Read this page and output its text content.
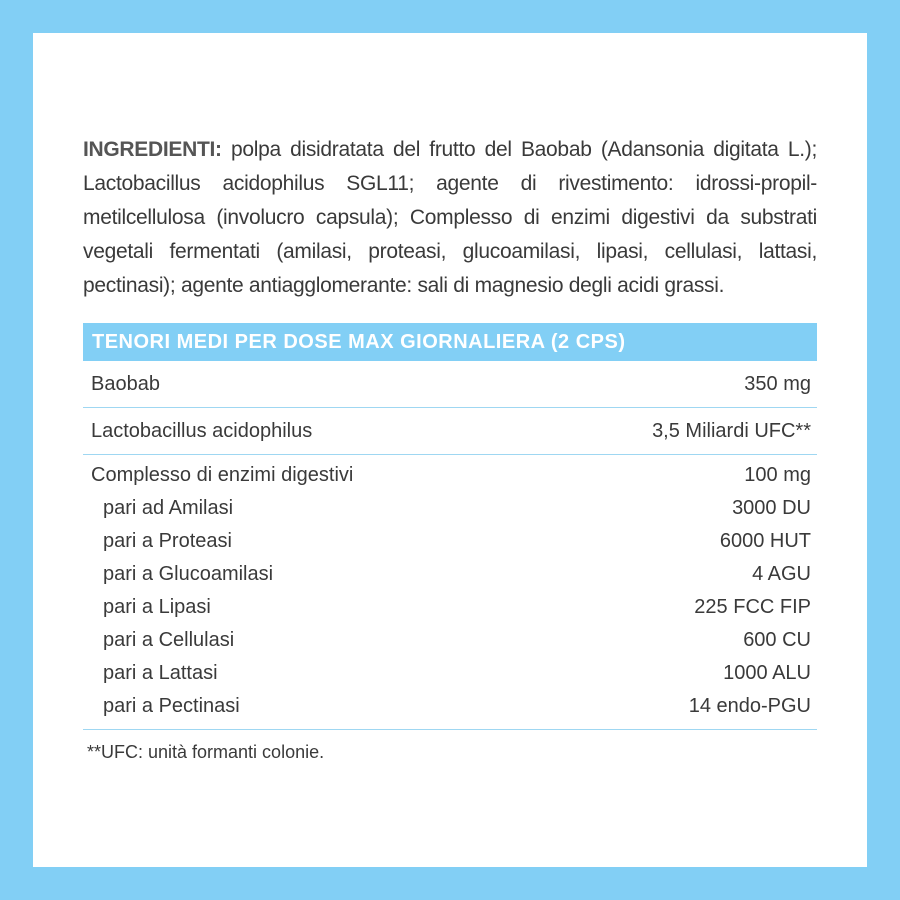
INGREDIENTI: polpa disidratata del frutto del Baobab (Adansonia digitata L.); Lactobacillus acidophilus SGL11; agente di rivestimento: idrossi-propil-metilcellulosa (involucro capsula); Complesso di enzimi digestivi da substrati vegetali fermentati (amilasi, proteasi, glucoamilasi, lipasi, cellulasi, lattasi, pectinasi); agente antiagglomerante: sali di magnesio degli acidi grassi.

TENORI MEDI PER DOSE MAX GIORNALIERA (2 CPS)
Baobab	350 mg
Lactobacillus acidophilus	3,5 Miliardi UFC**
Complesso di enzimi digestivi	100 mg
pari ad Amilasi	3000 DU
pari a Proteasi	6000 HUT
pari a Glucoamilasi	4 AGU
pari a Lipasi	225 FCC FIP
pari a Cellulasi	600 CU
pari a Lattasi	1000 ALU
pari a Pectinasi	14 endo-PGU
**UFC: unità formanti colonie.
